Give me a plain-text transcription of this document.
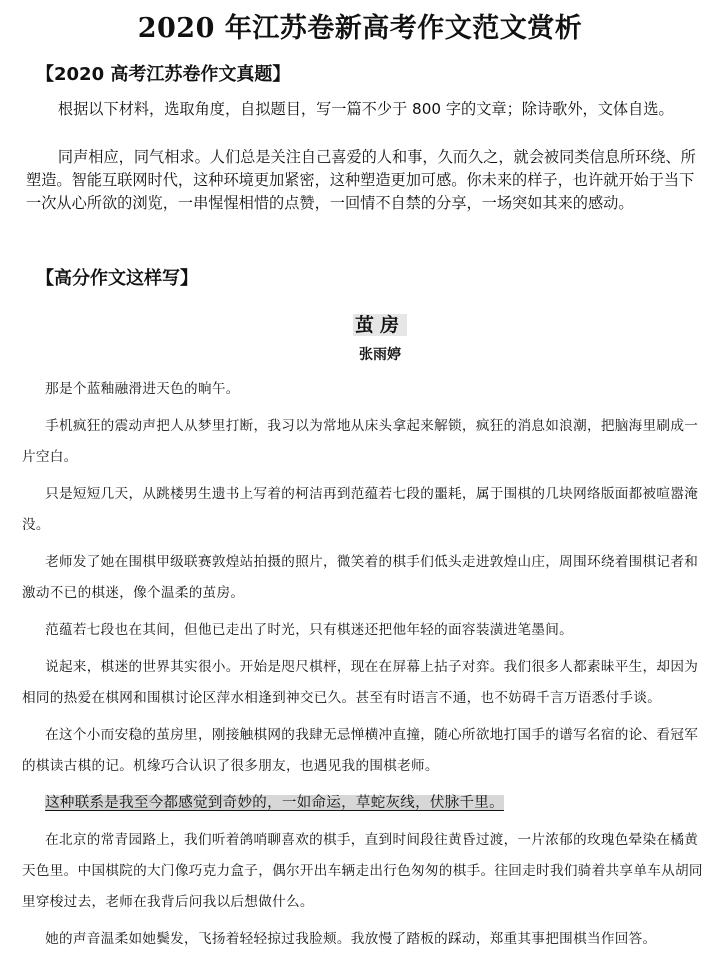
2020 年江苏卷新高考作文范文赏析
【2020 高考江苏卷作文真题】

根据以下材料，选取角度，自拟题目，写一篇不少于 800 字的文章；除诗歌外，文体自选。

同声相应，同气相求。人们总是关注自己喜爱的人和事，久而久之，就会被同类信息所环绕、所塑造。智能互联网时代，这种环境更加紧密，这种塑造更加可感。你未来的样子，也许就开始于当下一次从心所欲的浏览，一串惺惺相惜的点赞，一回情不自禁的分享，一场突如其来的感动。

【高分作文这样写】
茧房
张雨婷

那是个蓝釉融滑进天色的晌午。

手机疯狂的震动声把人从梦里打断，我习以为常地从床头拿起来解锁，疯狂的消息如浪潮，把脑海里刷成一片空白。

只是短短几天，从跳楼男生遗书上写着的柯洁再到范蕴若七段的噩耗，属于围棋的几块网络版面都被喧嚣淹没。

老师发了她在围棋甲级联赛敦煌站拍摄的照片，微笑着的棋手们低头走进敦煌山庄，周围环绕着围棋记者和激动不已的棋迷，像个温柔的茧房。

范蕴若七段也在其间，但他已走出了时光，只有棋迷还把他年轻的面容装潢进笔墨间。

说起来，棋迷的世界其实很小。开始是咫尺棋枰，现在在屏幕上拈子对弈。我们很多人都素昧平生，却因为相同的热爱在棋网和围棋讨论区萍水相逢到神交已久。甚至有时语言不通，也不妨碍千言万语悉付手谈。

在这个小而安稳的茧房里，刚接触棋网的我肆无忌惮横冲直撞，随心所欲地打国手的谱写名宿的论、看冠军的棋读古棋的记。机缘巧合认识了很多朋友，也遇见我的围棋老师。

这种联系是我至今都感觉到奇妙的，一如命运，草蛇灰线，伏脉千里。

在北京的常青园路上，我们听着鸽哨聊喜欢的棋手，直到时间段往黄昏过渡，一片浓郁的玫瑰色晕染在橘黄天色里。中国棋院的大门像巧克力盒子，偶尔开出车辆走出行色匆匆的棋手。往回走时我们骑着共享单车从胡同里穿梭过去，老师在我背后问我以后想做什么。

她的声音温柔如她鬓发，飞扬着轻轻掠过我脸颊。我放慢了踏板的踩动，郑重其事把围棋当作回答。
